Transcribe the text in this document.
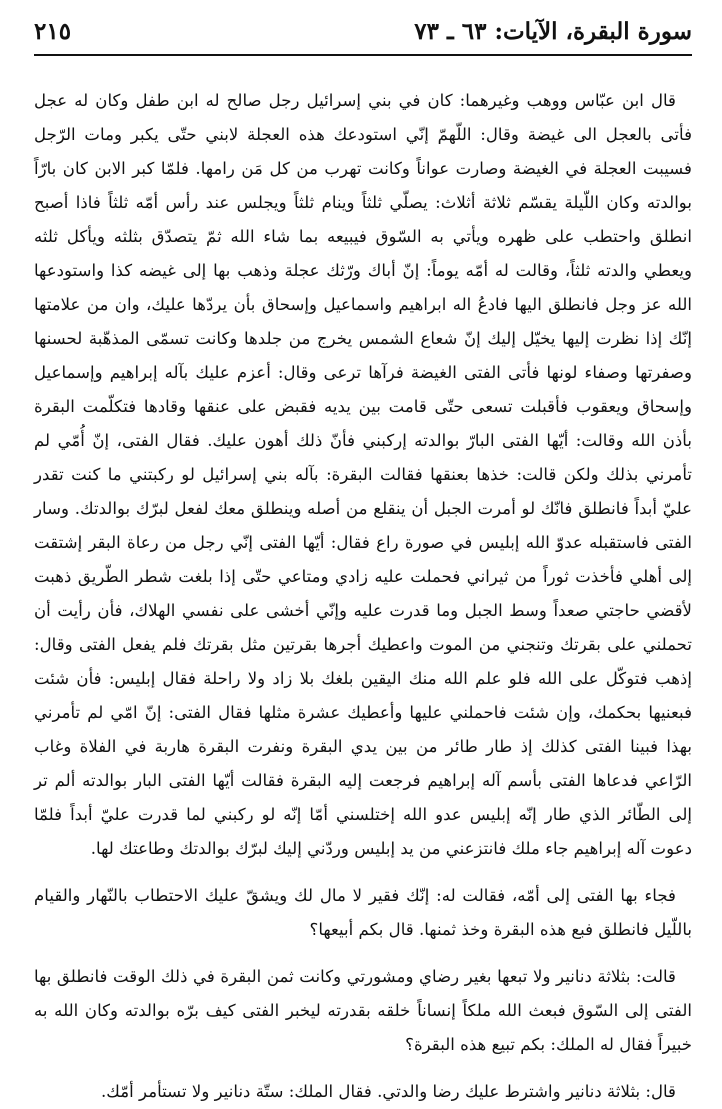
سورة البقرة، الآيات: ٦٣ ـ ٧٣
٢١٥

قال ابن عبّاس ووهب وغيرهما: كان في بني إسرائيل رجل صالح له ابن طفل وكان له عجل فأتى بالعجل الى غيضة وقال: اللّهمّ إنّي استودعك هذه العجلة لابني حتّى يكبر ومات الرّجل فسيبت العجلة في الغيضة وصارت عواناً وكانت تهرب من كل مَن رامها. فلمّا كبر الابن كان بارّاً بوالدته وكان اللّيلة يقسّم ثلاثة أثلاث: يصلّي ثلثاً وينام ثلثاً ويجلس عند رأس أمّه ثلثاً فاذا أصبح انطلق واحتطب على ظهره ويأتي به السّوق فيبيعه بما شاء الله ثمّ يتصدّق بثلثه ويأكل ثلثه ويعطي والدته ثلثاً، وقالت له أمّه يوماً: إنّ أباك ورّثك عجلة وذهب بها إلى غيضه كذا واستودعها الله عز وجل فانطلق اليها فادعُ اله ابراهيم واسماعيل وإسحاق بأن يردّها عليك، وان من علامتها إنّك إذا نظرت إليها يخيّل إليك إنّ شعاع الشمس يخرج من جلدها وكانت تسمّى المذهّبة لحسنها وصفرتها وصفاء لونها فأتى الفتى الغيضة فرآها ترعى وقال: أعزم عليك بآله إبراهيم وإسماعيل وإسحاق ويعقوب فأقبلت تسعى حتّى قامت بين يديه فقبض على عنقها وقادها فتكلّمت البقرة بأذن الله وقالت: أيّها الفتى البارّ بوالدته إركبني فأنّ ذلك أهون عليك. فقال الفتى، إنّ أُمّي لم تأمرني بذلك ولكن قالت: خذها بعنقها فقالت البقرة: بآله بني إسرائيل لو ركبتني ما كنت تقدر عليّ أبداً فانطلق فانّك لو أمرت الجبل أن ينقلع من أصله وينطلق معك لفعل لبرّك بوالدتك. وسار الفتى فاستقبله عدوّ الله إبليس في صورة راع فقال: أيّها الفتى إنّي رجل من رعاة البقر إشتقت إلى أهلي فأخذت ثوراً من ثيراني فحملت عليه زادي ومتاعي حتّى إذا بلغت شطر الطّريق ذهبت لأقضي حاجتي صعداً وسط الجبل وما قدرت عليه وإنّي أخشى على نفسي الهلاك، فأن رأيت أن تحملني على بقرتك وتنجني من الموت واعطيك أجرها بقرتين مثل بقرتك فلم يفعل الفتى وقال: إذهب فتوكّل على الله فلو علم الله منك اليقين بلغك بلا زاد ولا راحلة فقال إبليس: فأن شئت فبعنيها بحكمك، وإن شئت فاحملني عليها وأعطيك عشرة مثلها فقال الفتى: إنّ امّي لم تأمرني بهذا فبينا الفتى كذلك إذ طار طائر من بين يدي البقرة ونفرت البقرة هاربة في الفلاة وغاب الرّاعي فدعاها الفتى بأسم آله إبراهيم فرجعت إليه البقرة فقالت أيّها الفتى البار بوالدته ألم تر إلى الطّائر الذي طار إنّه إبليس عدو الله إختلسني أمّا إنّه لو ركبني لما قدرت عليّ أبداً فلمّا دعوت آله إبراهيم جاء ملك فانتزعني من يد إبليس وردّني إليك لبرّك بوالدتك وطاعتك لها.

فجاء بها الفتى إلى أمّه، فقالت له: إنّك فقير لا مال لك ويشقّ عليك الاحتطاب بالنّهار والقيام باللّيل فانطلق فبع هذه البقرة وخذ ثمنها. قال بكم أبيعها؟

قالت: بثلاثة دنانير ولا تبعها بغير رضاي ومشورتي وكانت ثمن البقرة في ذلك الوقت فانطلق بها الفتى إلى السّوق فبعث الله ملكاً إنساناً خلقه بقدرته ليخبر الفتى كيف برّه بوالدته وكان الله به خبيراً فقال له الملك: بكم تبيع هذه البقرة؟

قال: بثلاثة دنانير واشترط عليك رضا والدتي. فقال الملك: ستّة دنانير ولا تستأمر أمّك.
